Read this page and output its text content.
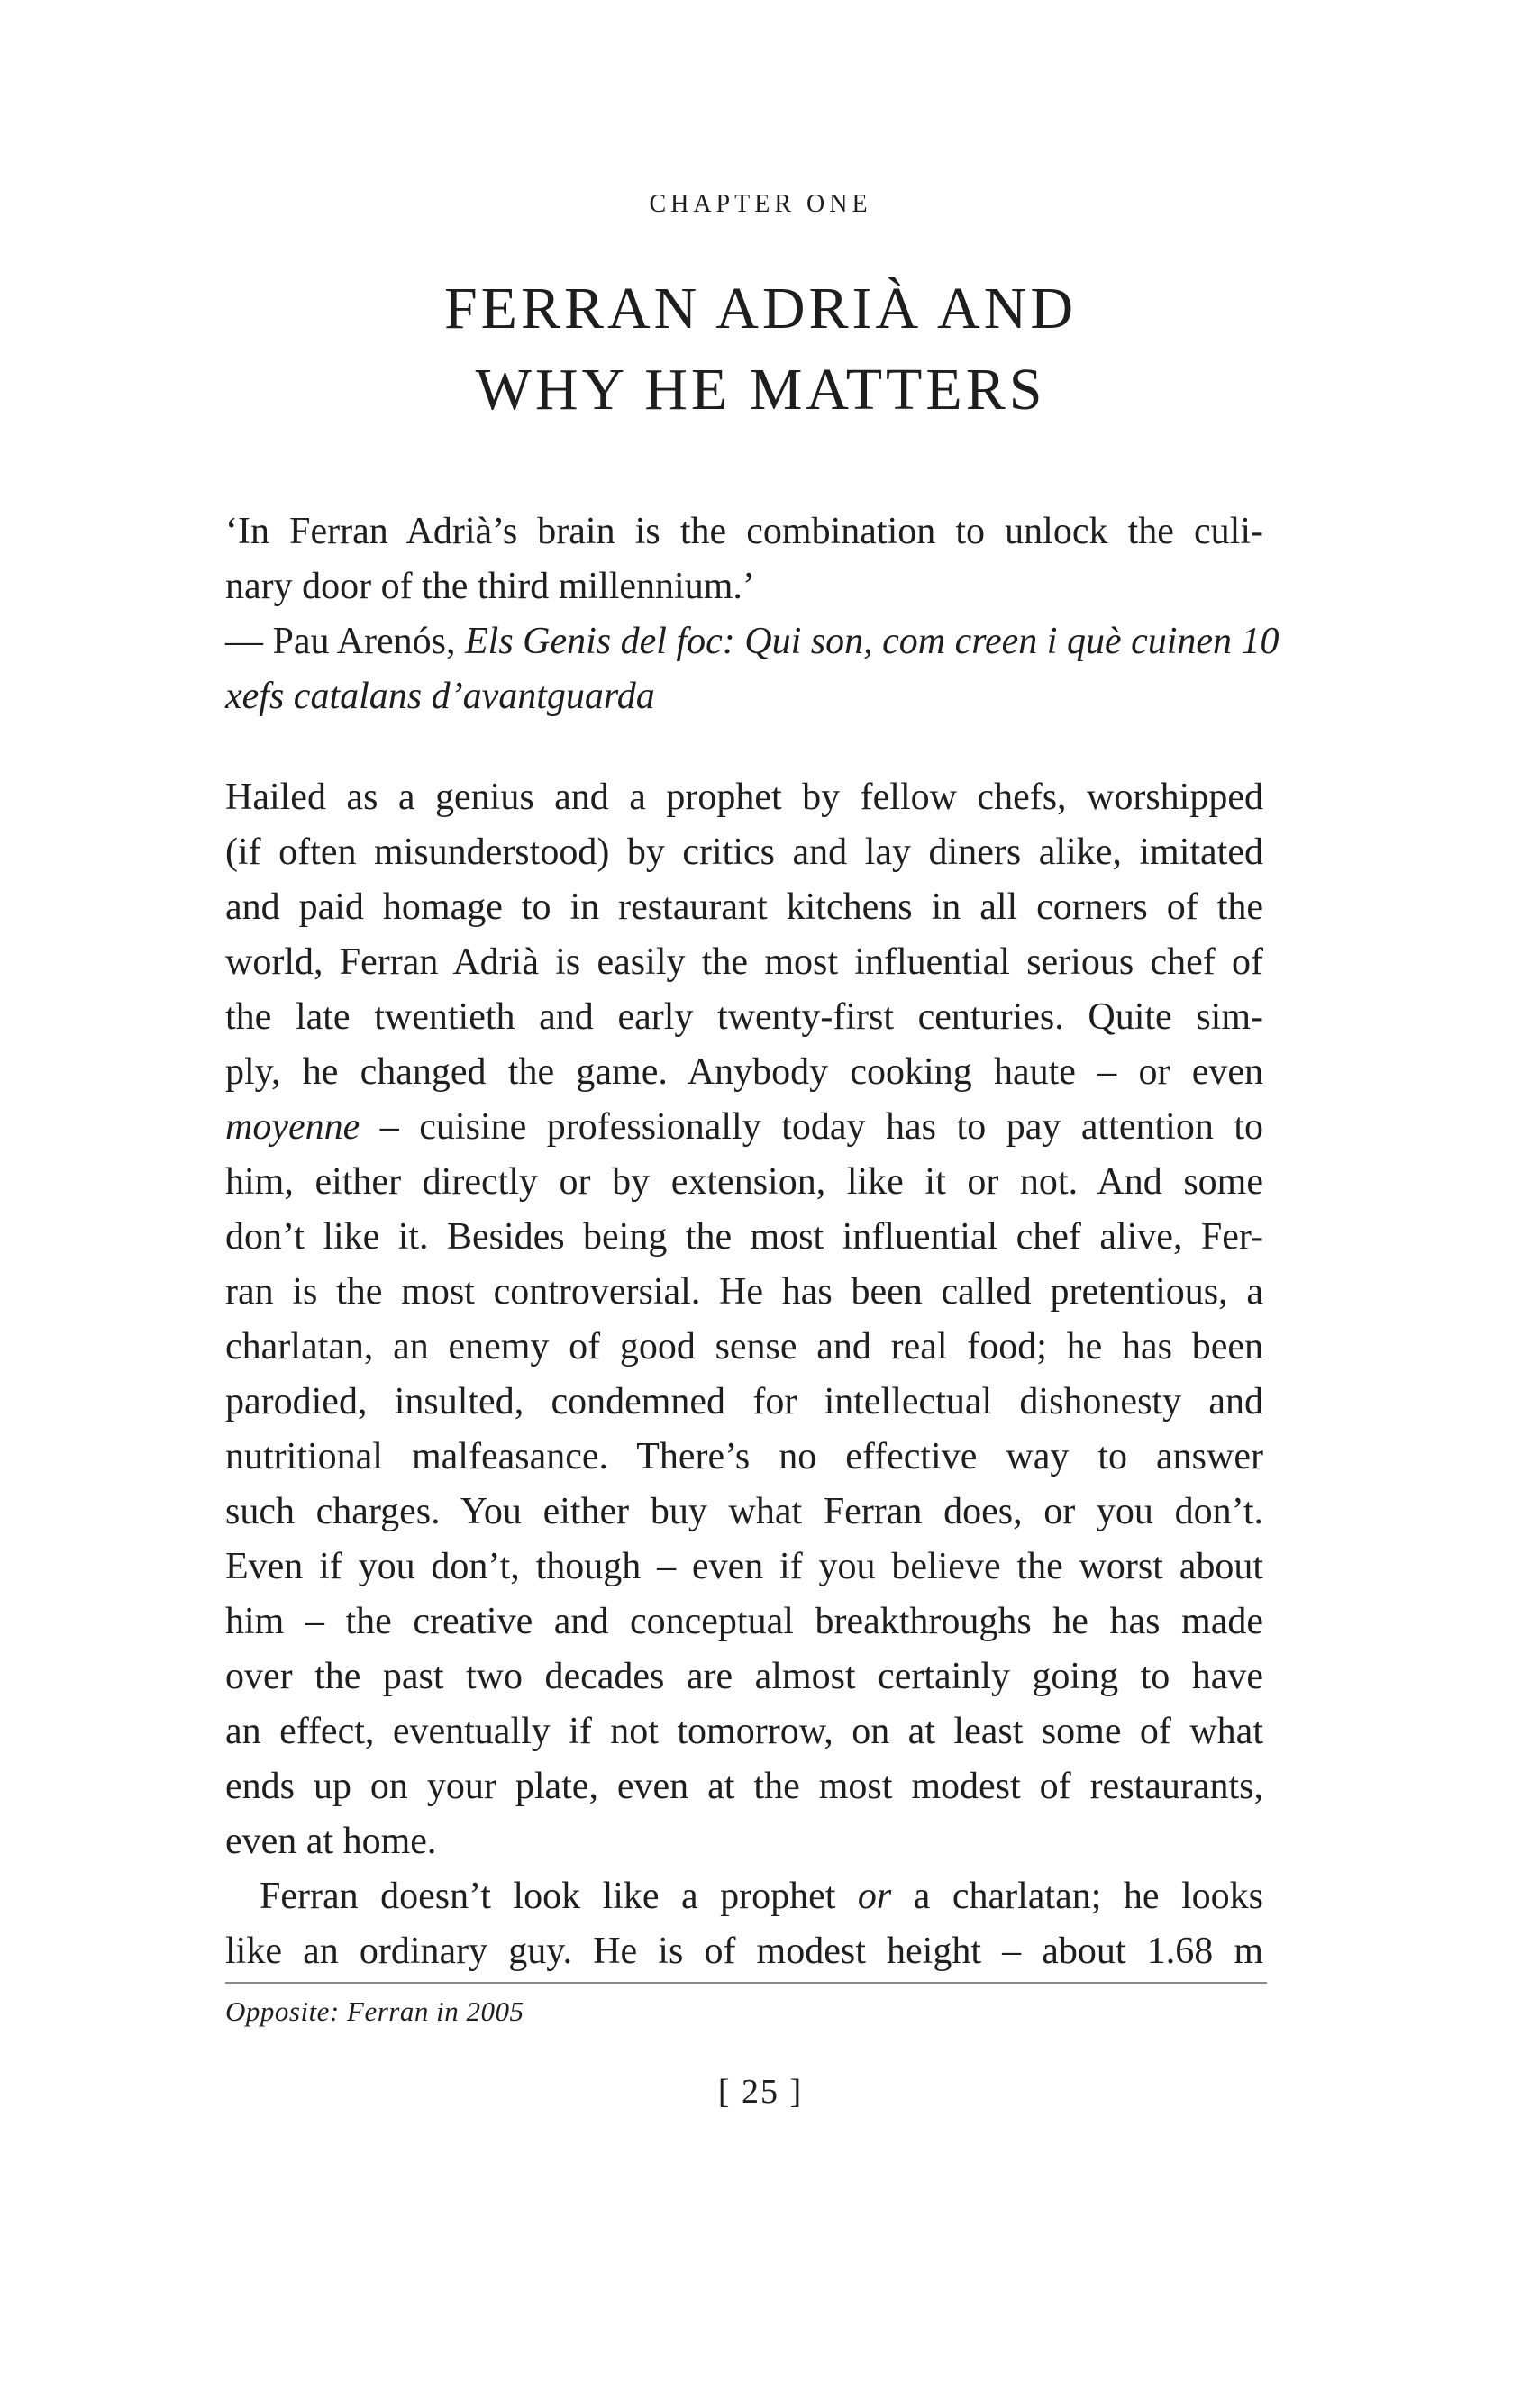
CHAPTER ONE
FERRAN ADRIÀ AND
WHY HE MATTERS
‘In Ferran Adrià’s brain is the combination to unlock the culi-
nary door of the third millennium.’
— Pau Arenós, Els Genis del foc: Qui son, com creen i què cuinen 10
xefs catalans d’avantguarda
Hailed as a genius and a prophet by fellow chefs, worshipped
(if often misunderstood) by critics and lay diners alike, imitated
and paid homage to in restaurant kitchens in all corners of the
world, Ferran Adrià is easily the most influential serious chef of
the late twentieth and early twenty-first centuries. Quite sim-
ply, he changed the game. Anybody cooking haute – or even
moyenne – cuisine professionally today has to pay attention to
him, either directly or by extension, like it or not. And some
don’t like it. Besides being the most influential chef alive, Fer-
ran is the most controversial. He has been called pretentious, a
charlatan, an enemy of good sense and real food; he has been
parodied, insulted, condemned for intellectual dishonesty and
nutritional malfeasance. There’s no effective way to answer
such charges. You either buy what Ferran does, or you don’t.
Even if you don’t, though – even if you believe the worst about
him – the creative and conceptual breakthroughs he has made
over the past two decades are almost certainly going to have
an effect, eventually if not tomorrow, on at least some of what
ends up on your plate, even at the most modest of restaurants,
even at home.
Ferran doesn’t look like a prophet or a charlatan; he looks
like an ordinary guy. He is of modest height – about 1.68 m
Opposite: Ferran in 2005
[ 25 ]
